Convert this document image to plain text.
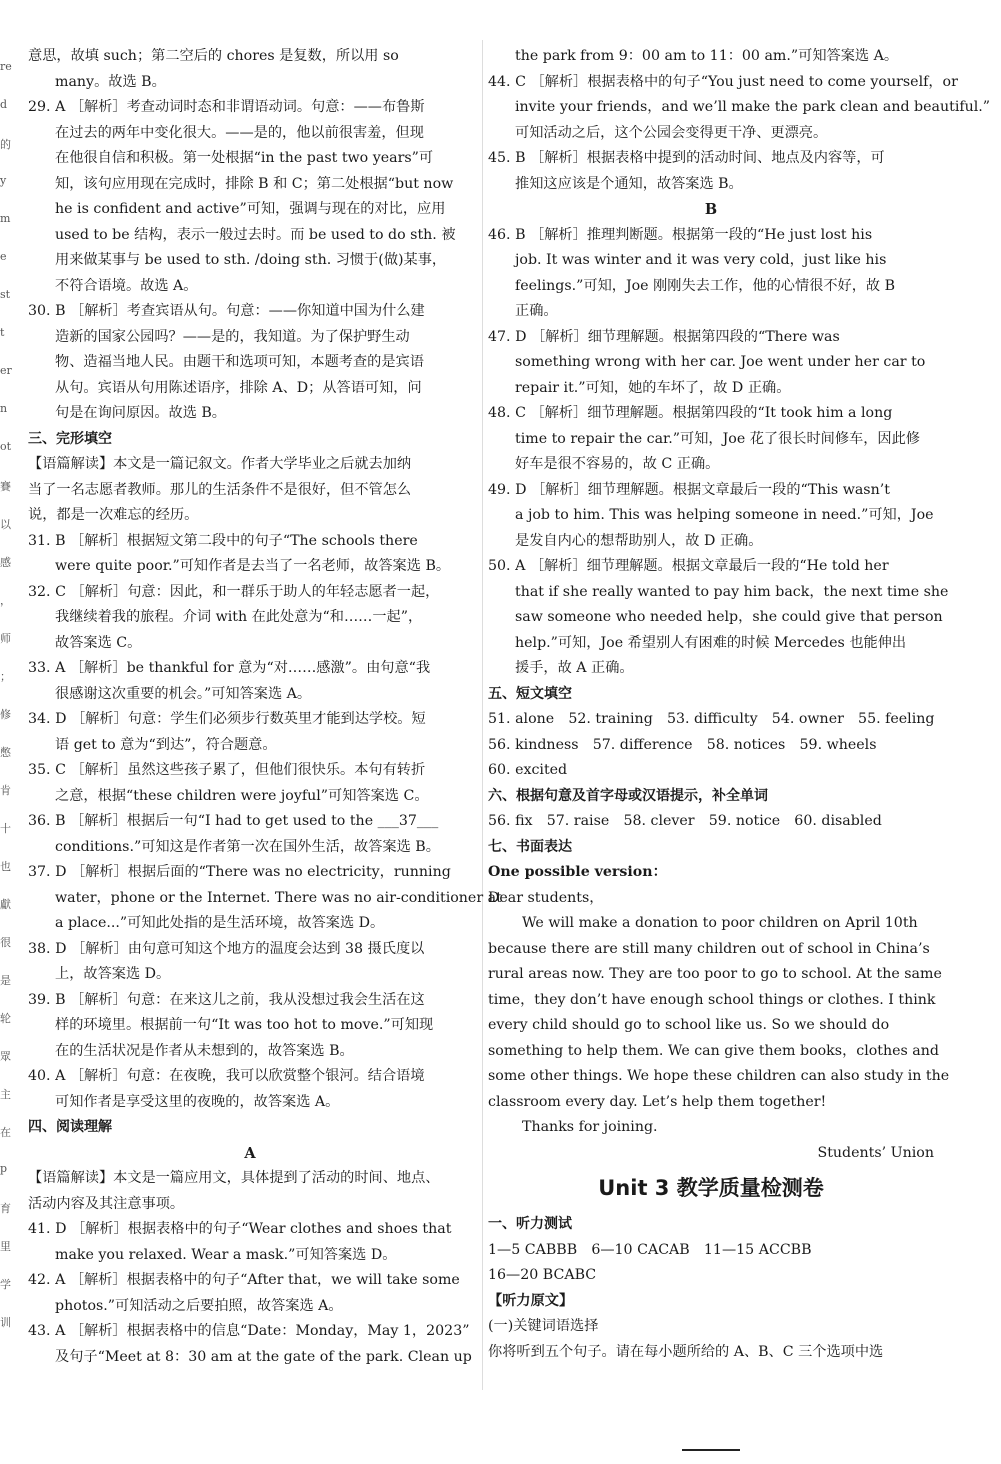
re
d
的
y
m
e
st
t
er
n
ot
賽
以
感
，
师
；
修
憋
肯
十
也
獻
很
是
轮
眾
主
在
p
育
里
学
训
意思，故填 such；第二空后的 chores 是复数，所以用 so
many。故选 B。
29. A ［解析］考查动词时态和非谓语动词。句意：——布鲁斯
在过去的两年中变化很大。——是的，他以前很害羞，但现
在他很自信和积极。第一处根据“in the past two years”可
知，该句应用现在完成时，排除 B 和 C；第二处根据“but now
he is confident and active”可知，强调与现在的对比，应用
used to be 结构，表示一般过去时。而 be used to do sth. 被
用来做某事与 be used to sth. /doing sth. 习惯于(做)某事，
不符合语境。故选 A。
30. B ［解析］考查宾语从句。句意：——你知道中国为什么建
造新的国家公园吗？——是的，我知道。为了保护野生动
物、造福当地人民。由题干和选项可知，本题考查的是宾语
从句。宾语从句用陈述语序，排除 A、D；从答语可知，问
句是在询问原因。故选 B。
三、完形填空
【语篇解读】本文是一篇记叙文。作者大学毕业之后就去加纳
当了一名志愿者教师。那儿的生活条件不是很好，但不管怎么
说，都是一次难忘的经历。
31. B ［解析］根据短文第二段中的句子“The schools there
were quite poor.”可知作者是去当了一名老师，故答案选 B。
32. C ［解析］句意：因此，和一群乐于助人的年轻志愿者一起，
我继续着我的旅程。介词 with 在此处意为“和……一起”，
故答案选 C。
33. A ［解析］be thankful for 意为“对……感激”。由句意“我
很感谢这次重要的机会。”可知答案选 A。
34. D ［解析］句意：学生们必须步行数英里才能到达学校。短
语 get to 意为“到达”，符合题意。
35. C ［解析］虽然这些孩子累了，但他们很快乐。本句有转折
之意，根据“these children were joyful”可知答案选 C。
36. B ［解析］根据后一句“I had to get used to the ___37___
conditions.”可知这是作者第一次在国外生活，故答案选 B。
37. D ［解析］根据后面的“There was no electricity，running
water，phone or the Internet. There was no air-conditioner at
a place...”可知此处指的是生活环境，故答案选 D。
38. D ［解析］由句意可知这个地方的温度会达到 38 摄氏度以
上，故答案选 D。
39. B ［解析］句意：在来这儿之前，我从没想过我会生活在这
样的环境里。根据前一句“It was too hot to move.”可知现
在的生活状况是作者从未想到的，故答案选 B。
40. A ［解析］句意：在夜晚，我可以欣赏整个银河。结合语境
可知作者是享受这里的夜晚的，故答案选 A。
四、阅读理解
A
【语篇解读】本文是一篇应用文，具体提到了活动的时间、地点、
活动内容及其注意事项。
41. D ［解析］根据表格中的句子“Wear clothes and shoes that
make you relaxed. Wear a mask.”可知答案选 D。
42. A ［解析］根据表格中的句子“After that，we will take some
photos.”可知活动之后要拍照，故答案选 A。
43. A ［解析］根据表格中的信息“Date：Monday，May 1，2023”
及句子“Meet at 8：30 am at the gate of the park. Clean up
the park from 9：00 am to 11：00 am.”可知答案选 A。
44. C ［解析］根据表格中的句子“You just need to come yourself，or
invite your friends，and we’ll make the park clean and beautiful.”
可知活动之后，这个公园会变得更干净、更漂亮。
45. B ［解析］根据表格中提到的活动时间、地点及内容等，可
推知这应该是个通知，故答案选 B。
B
46. B ［解析］推理判断题。根据第一段的“He just lost his
job. It was winter and it was very cold，just like his
feelings.”可知，Joe 刚刚失去工作，他的心情很不好，故 B
正确。
47. D ［解析］细节理解题。根据第四段的“There was
something wrong with her car. Joe went under her car to
repair it.”可知，她的车坏了，故 D 正确。
48. C ［解析］细节理解题。根据第四段的“It took him a long
time to repair the car.”可知，Joe 花了很长时间修车，因此修
好车是很不容易的，故 C 正确。
49. D ［解析］细节理解题。根据文章最后一段的“This wasn’t
a job to him. This was helping someone in need.”可知，Joe
是发自内心的想帮助别人，故 D 正确。
50. A ［解析］细节理解题。根据文章最后一段的“He told her
that if she really wanted to pay him back，the next time she
saw someone who needed help，she could give that person
help.”可知，Joe 希望别人有困难的时候 Mercedes 也能伸出
援手，故 A 正确。
五、短文填空
51. alone　52. training　53. difficulty　54. owner　55. feeling
56. kindness　57. difference　58. notices　59. wheels
60. excited
六、根据句意及首字母或汉语提示，补全单词
56. fix　57. raise　58. clever　59. notice　60. disabled
七、书面表达
One possible version：
Dear students，
We will make a donation to poor children on April 10th
because there are still many children out of school in China’s
rural areas now. They are too poor to go to school. At the same
time，they don’t have enough school things or clothes. I think
every child should go to school like us. So we should do
something to help them. We can give them books，clothes and
some other things. We hope these children can also study in the
classroom every day. Let’s help them together!
Thanks for joining.
Students’ Union
Unit 3 教学质量检测卷
一、听力测试
1—5 CABBB　6—10 CACAB　11—15 ACCBB
16—20 BCABC
【听力原文】
(一)关键词语选择
你将听到五个句子。请在每小题所给的 A、B、C 三个选项中选
